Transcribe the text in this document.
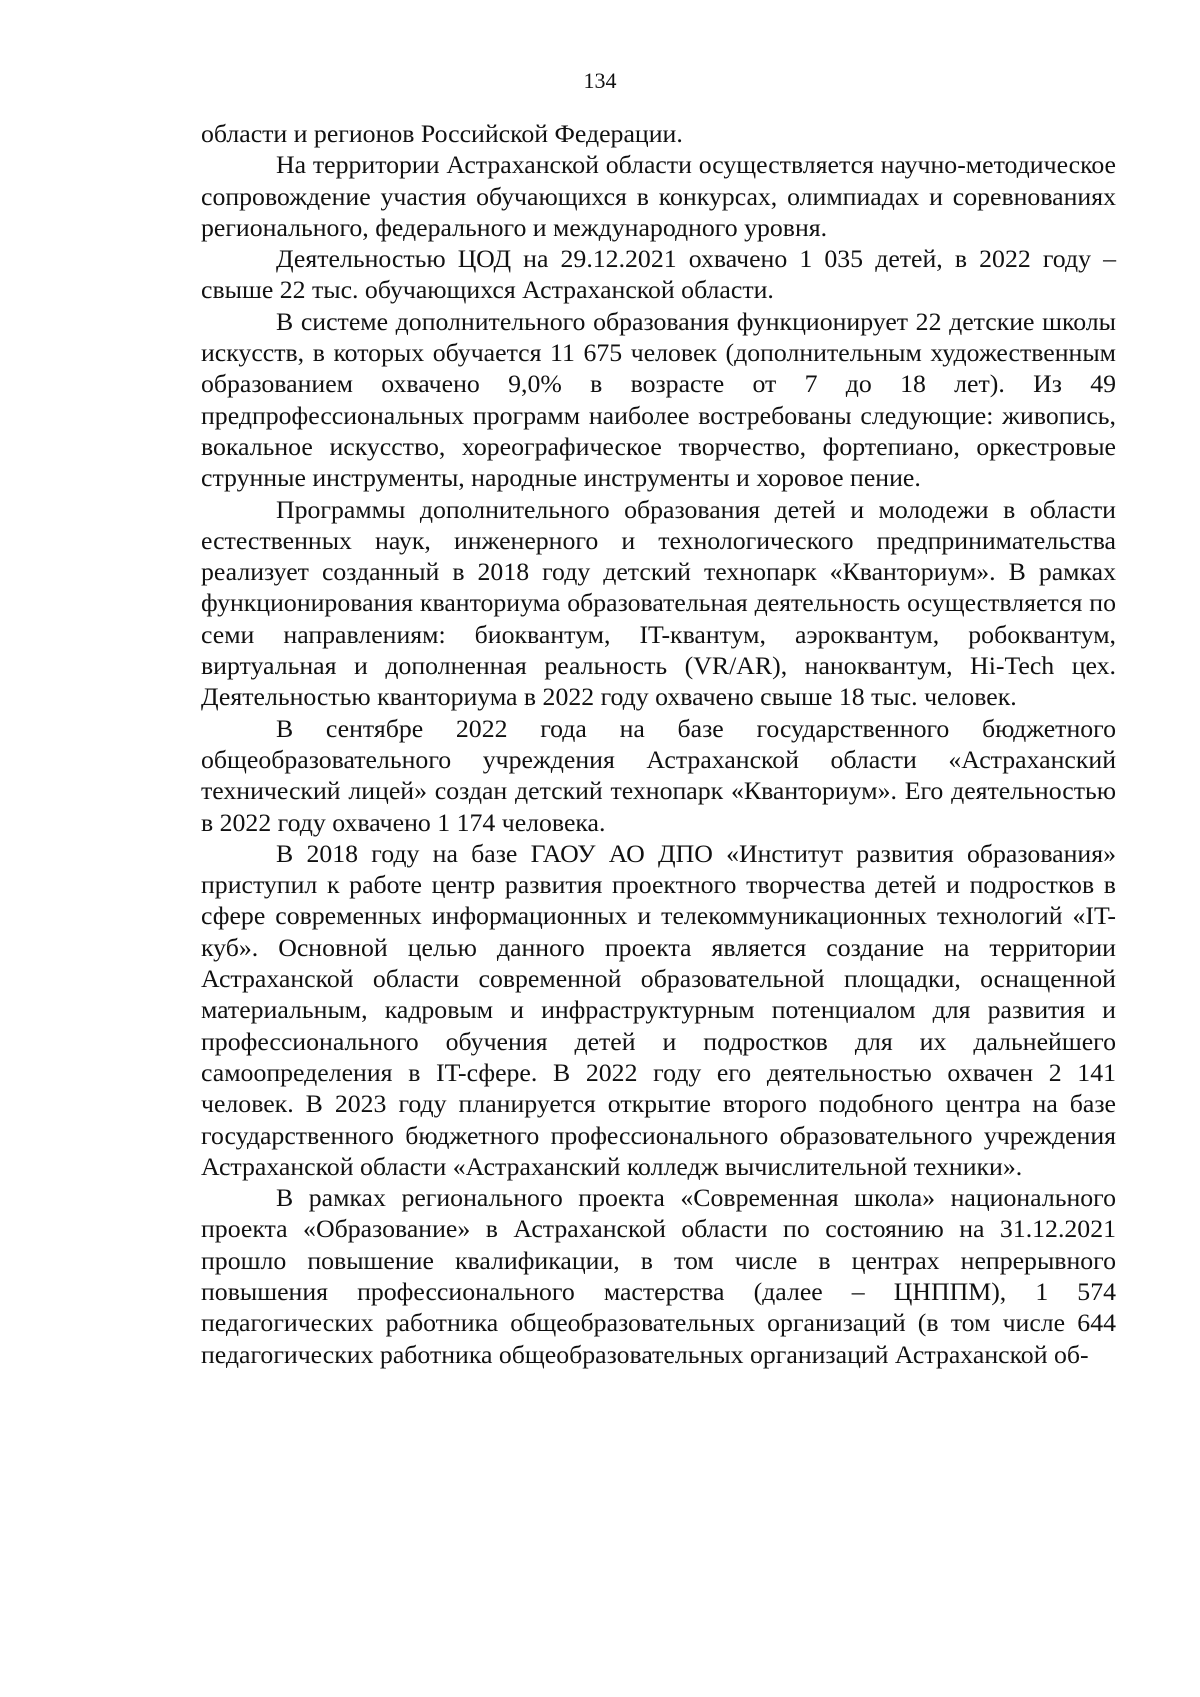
134

области и регионов Российской Федерации.

На территории Астраханской области осуществляется научно-методическое сопровождение участия обучающихся в конкурсах, олимпиадах и соревнованиях регионального, федерального и международного уровня.

Деятельностью ЦОД на 29.12.2021 охвачено 1 035 детей, в 2022 году – свыше 22 тыс. обучающихся Астраханской области.

В системе дополнительного образования функционирует 22 детские школы искусств, в которых обучается 11 675 человек (дополнительным художественным образованием охвачено 9,0% в возрасте от 7 до 18 лет). Из 49 предпрофессиональных программ наиболее востребованы следующие: живопись, вокальное искусство, хореографическое творчество, фортепиано, оркестровые струнные инструменты, народные инструменты и хоровое пение.

Программы дополнительного образования детей и молодежи в области естественных наук, инженерного и технологического предпринимательства реализует созданный в 2018 году детский технопарк «Кванториум». В рамках функционирования кванториума образовательная деятельность осуществляется по семи направлениям: биоквантум, IT-квантум, аэроквантум, робоквантум, виртуальная и дополненная реальность (VR/AR), наноквантум, Hi-Tech цех. Деятельностью кванториума в 2022 году охвачено свыше 18 тыс. человек.

В сентябре 2022 года на базе государственного бюджетного общеобразовательного учреждения Астраханской области «Астраханский технический лицей» создан детский технопарк «Кванториум». Его деятельностью в 2022 году охвачено 1 174 человека.

В 2018 году на базе ГАОУ АО ДПО «Институт развития образования» приступил к работе центр развития проектного творчества детей и подростков в сфере современных информационных и телекоммуникационных технологий «IT-куб». Основной целью данного проекта является создание на территории Астраханской области современной образовательной площадки, оснащенной материальным, кадровым и инфраструктурным потенциалом для развития и профессионального обучения детей и подростков для их дальнейшего самоопределения в IT-сфере. В 2022 году его деятельностью охвачен 2 141 человек. В 2023 году планируется открытие второго подобного центра на базе государственного бюджетного профессионального образовательного учреждения Астраханской области «Астраханский колледж вычислительной техники».

В рамках регионального проекта «Современная школа» национального проекта «Образование» в Астраханской области по состоянию на 31.12.2021 прошло повышение квалификации, в том числе в центрах непрерывного повышения профессионального мастерства (далее – ЦНППМ), 1 574 педагогических работника общеобразовательных организаций (в том числе 644 педагогических работника общеобразовательных организаций Астраханской об-
